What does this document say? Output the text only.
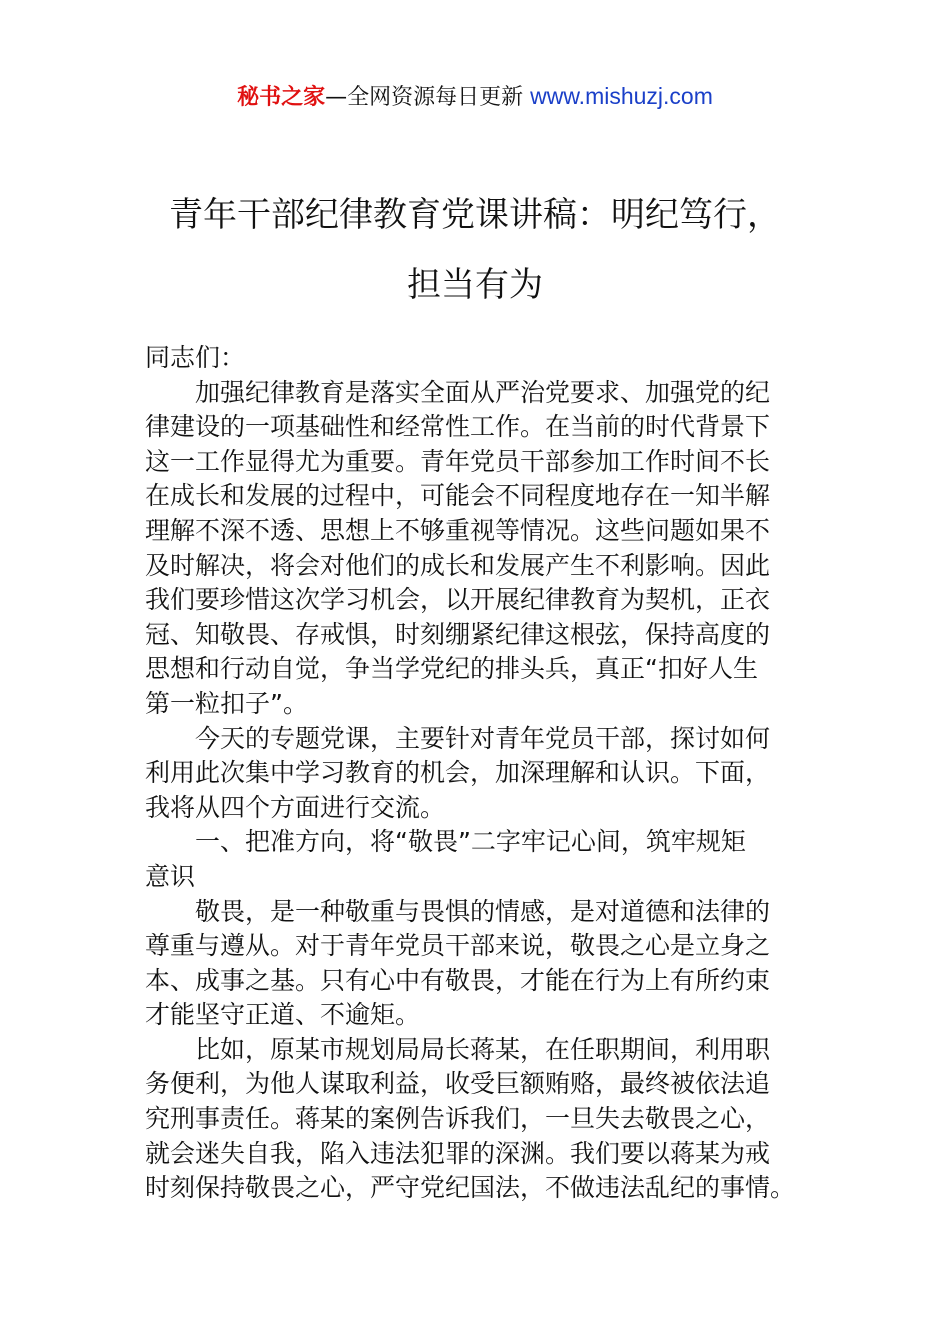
秘书之家—全网资源每日更新 www.mishuzj.com
青年干部纪律教育党课讲稿：明纪笃行，
担当有为
同志们：
加强纪律教育是落实全面从严治党要求、加强党的纪
律建设的一项基础性和经常性工作。在当前的时代背景下
这一工作显得尤为重要。青年党员干部参加工作时间不长
在成长和发展的过程中，可能会不同程度地存在一知半解
理解不深不透、思想上不够重视等情况。这些问题如果不
及时解决，将会对他们的成长和发展产生不利影响。因此
我们要珍惜这次学习机会，以开展纪律教育为契机，正衣
冠、知敬畏、存戒惧，时刻绷紧纪律这根弦，保持高度的
思想和行动自觉，争当学党纪的排头兵，真正“扣好人生
第一粒扣子”。
今天的专题党课，主要针对青年党员干部，探讨如何
利用此次集中学习教育的机会，加深理解和认识。下面，
我将从四个方面进行交流。
一、把准方向，将“敬畏”二字牢记心间，筑牢规矩
意识
敬畏，是一种敬重与畏惧的情感，是对道德和法律的
尊重与遵从。对于青年党员干部来说，敬畏之心是立身之
本、成事之基。只有心中有敬畏，才能在行为上有所约束
才能坚守正道、不逾矩。
比如，原某市规划局局长蒋某，在任职期间，利用职
务便利，为他人谋取利益，收受巨额贿赂，最终被依法追
究刑事责任。蒋某的案例告诉我们，一旦失去敬畏之心，
就会迷失自我，陷入违法犯罪的深渊。我们要以蒋某为戒
时刻保持敬畏之心，严守党纪国法，不做违法乱纪的事情。
